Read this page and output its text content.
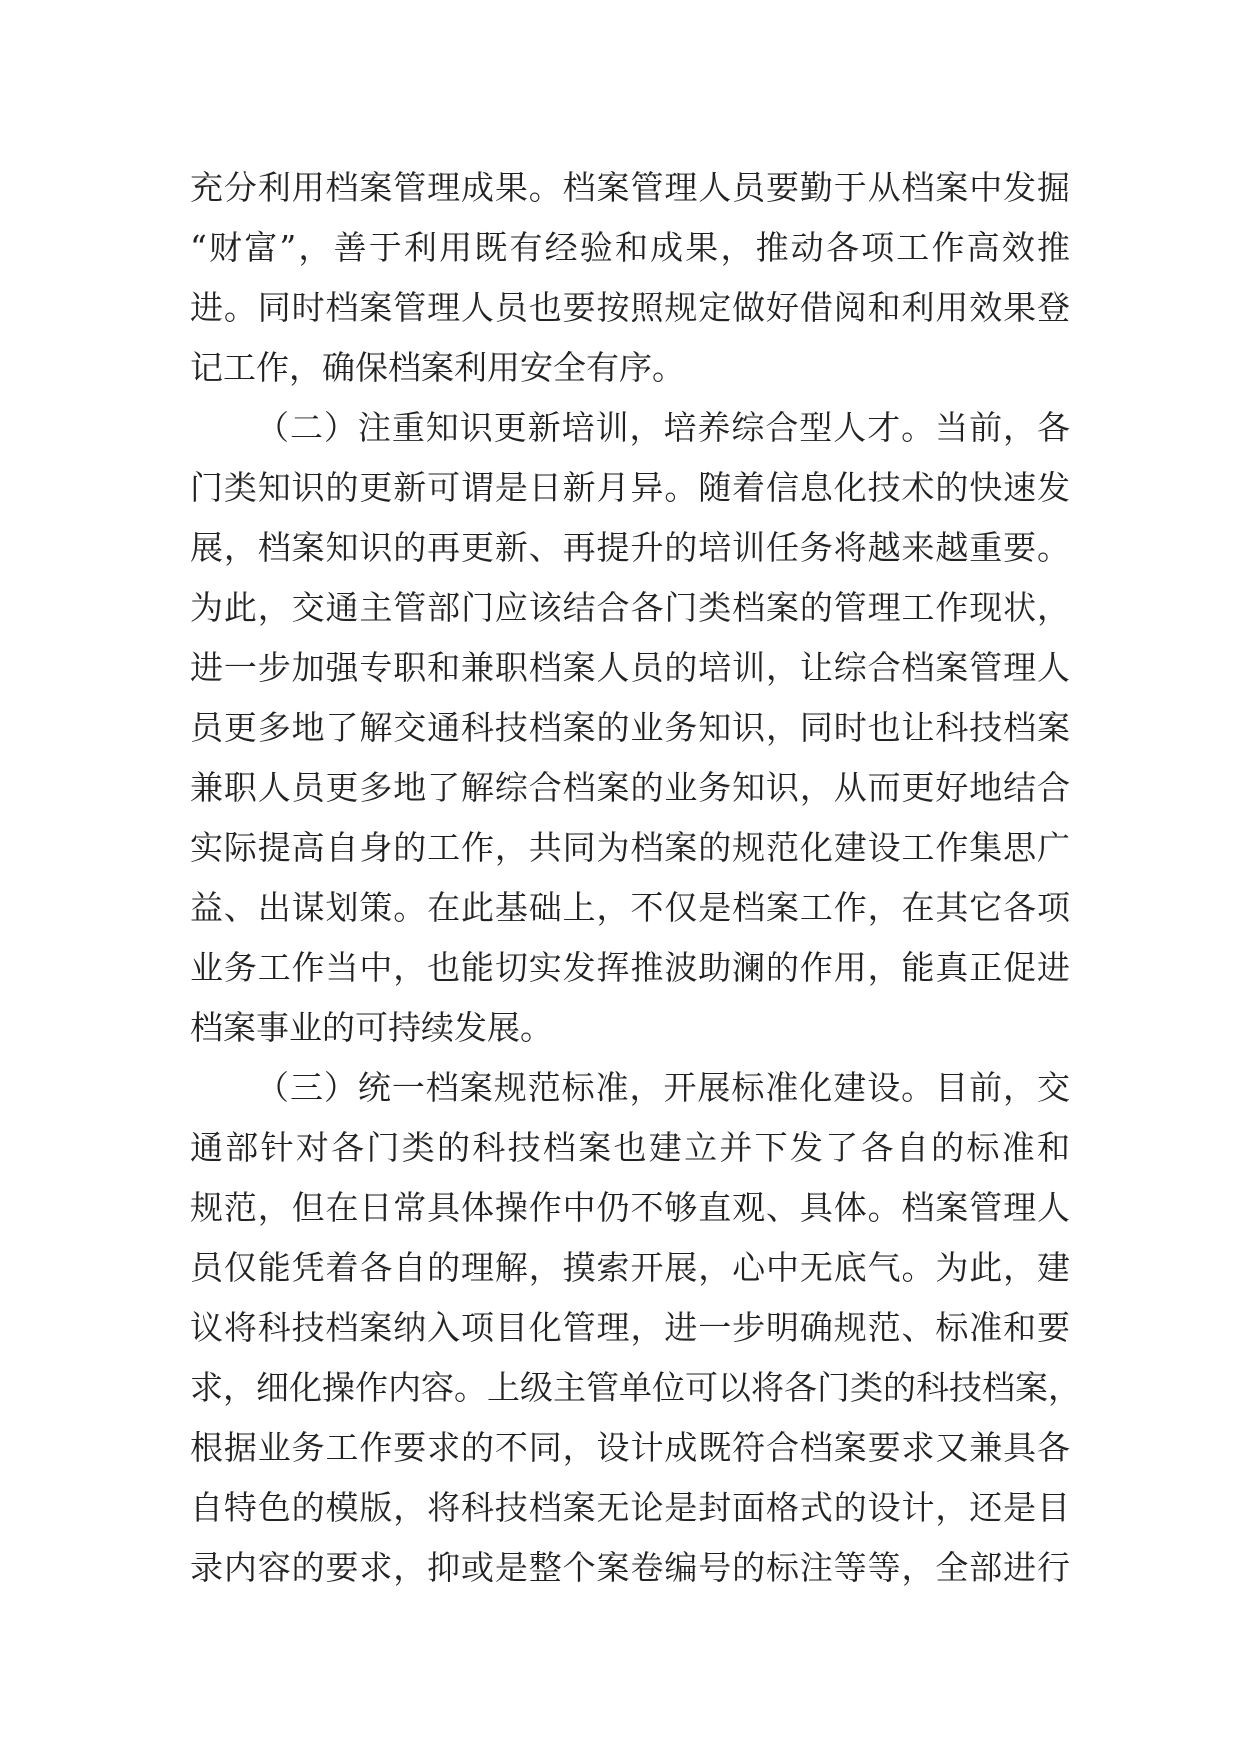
充分利用档案管理成果。档案管理人员要勤于从档案中发掘
“财富”，善于利用既有经验和成果，推动各项工作高效推
进。同时档案管理人员也要按照规定做好借阅和利用效果登
记工作，确保档案利用安全有序。
（二）注重知识更新培训，培养综合型人才。当前，各
门类知识的更新可谓是日新月异。随着信息化技术的快速发
展，档案知识的再更新、再提升的培训任务将越来越重要。
为此，交通主管部门应该结合各门类档案的管理工作现状，
进一步加强专职和兼职档案人员的培训，让综合档案管理人
员更多地了解交通科技档案的业务知识，同时也让科技档案
兼职人员更多地了解综合档案的业务知识，从而更好地结合
实际提高自身的工作，共同为档案的规范化建设工作集思广
益、出谋划策。在此基础上，不仅是档案工作，在其它各项
业务工作当中，也能切实发挥推波助澜的作用，能真正促进
档案事业的可持续发展。
（三）统一档案规范标准，开展标准化建设。目前，交
通部针对各门类的科技档案也建立并下发了各自的标准和
规范，但在日常具体操作中仍不够直观、具体。档案管理人
员仅能凭着各自的理解，摸索开展，心中无底气。为此，建
议将科技档案纳入项目化管理，进一步明确规范、标准和要
求，细化操作内容。上级主管单位可以将各门类的科技档案，
根据业务工作要求的不同，设计成既符合档案要求又兼具各
自特色的模版，将科技档案无论是封面格式的设计，还是目
录内容的要求，抑或是整个案卷编号的标注等等，全部进行
